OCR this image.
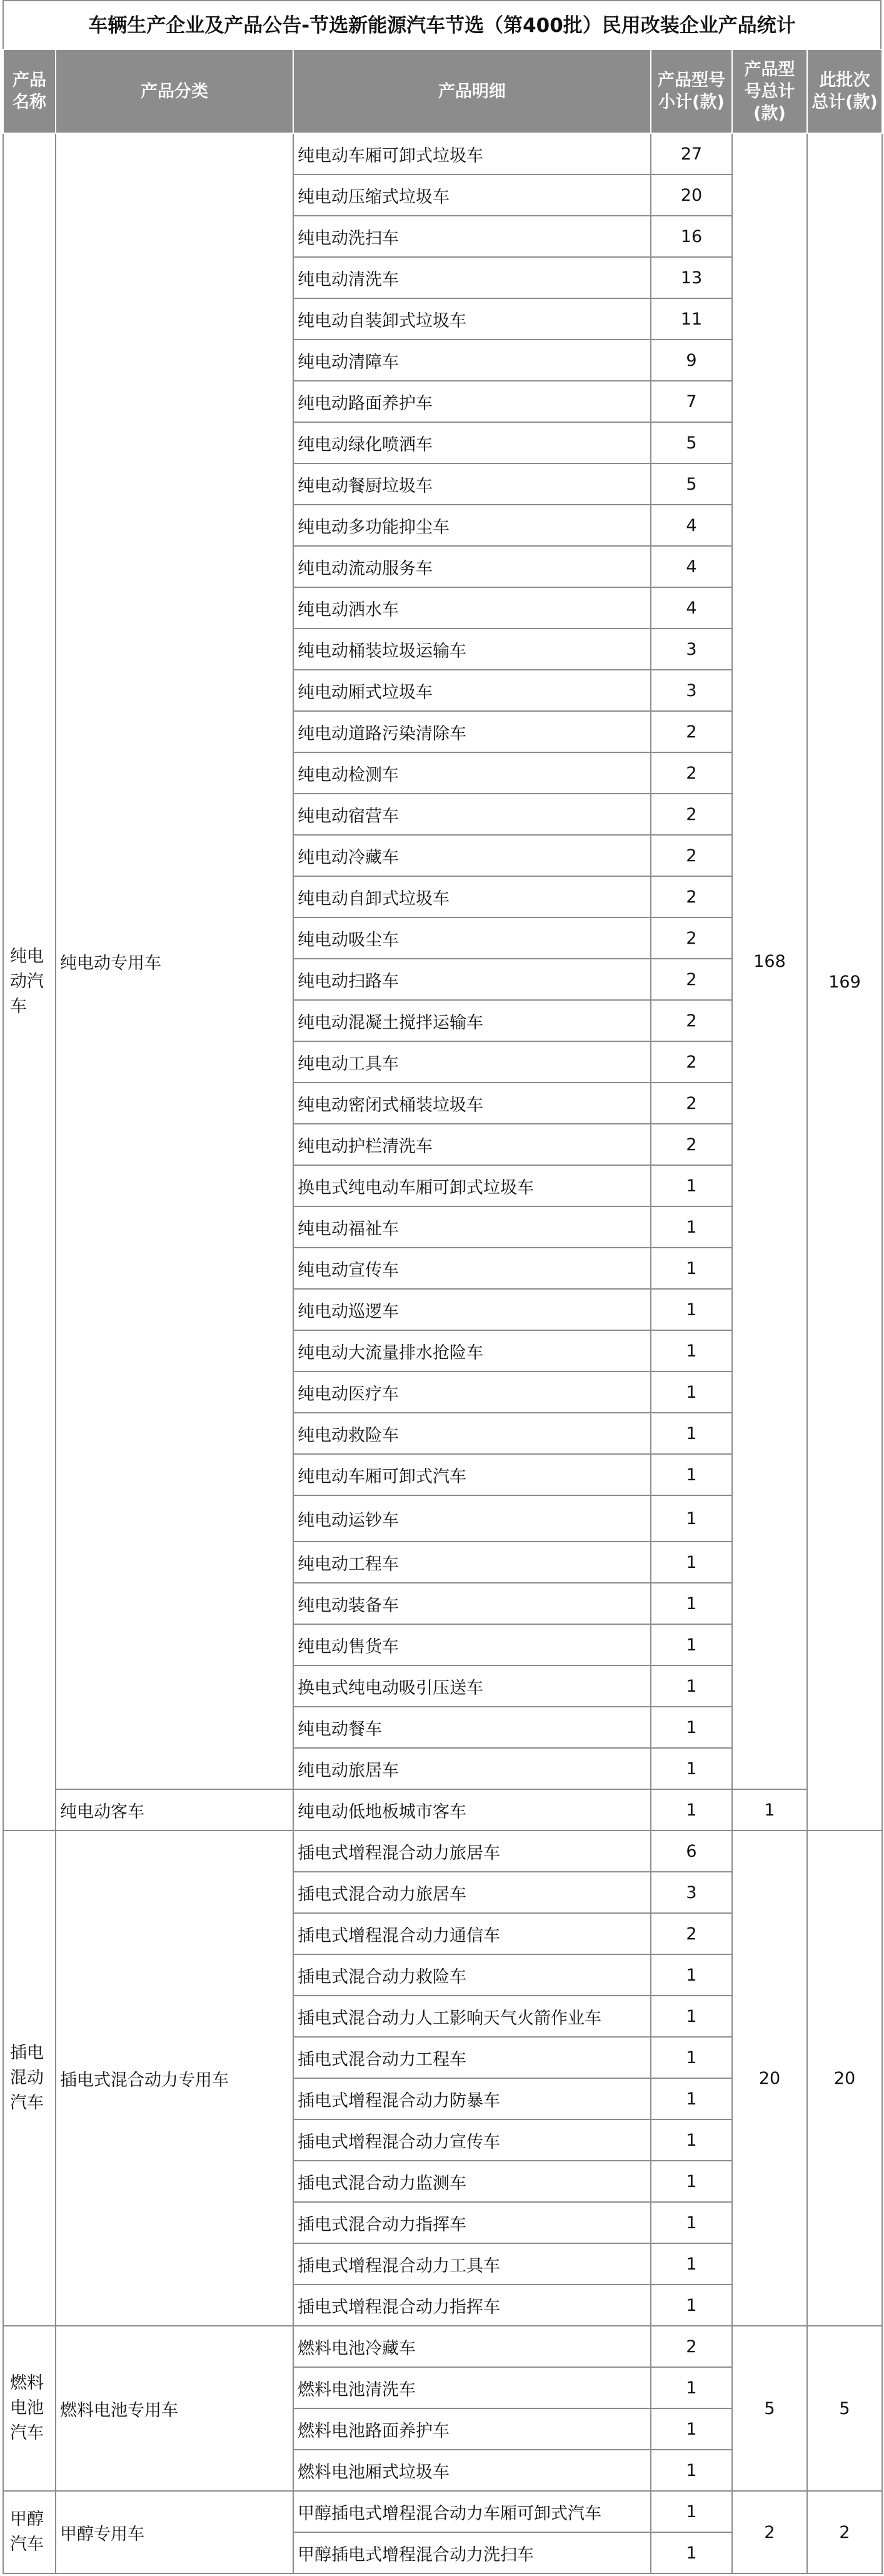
车辆生产企业及产品公告-节选新能源汽车节选（第400批）民用改装企业产品统计
产品名称	产品分类	产品明细	产品型号小计(款)	产品型号总计(款)	此批次总计(款)
纯电动汽车	纯电动专用车	纯电动车厢可卸式垃圾车	27	168	169
		纯电动压缩式垃圾车	20		
		纯电动洗扫车	16		
		纯电动清洗车	13		
		纯电动自装卸式垃圾车	11		
		纯电动清障车	9		
		纯电动路面养护车	7		
		纯电动绿化喷洒车	5		
		纯电动餐厨垃圾车	5		
		纯电动多功能抑尘车	4		
		纯电动流动服务车	4		
		纯电动洒水车	4		
		纯电动桶装垃圾运输车	3		
		纯电动厢式垃圾车	3		
		纯电动道路污染清除车	2		
		纯电动检测车	2		
		纯电动宿营车	2		
		纯电动冷藏车	2		
		纯电动自卸式垃圾车	2		
		纯电动吸尘车	2		
		纯电动扫路车	2		
		纯电动混凝土搅拌运输车	2		
		纯电动工具车	2		
		纯电动密闭式桶装垃圾车	2		
		纯电动护栏清洗车	2		
		换电式纯电动车厢可卸式垃圾车	1		
		纯电动福祉车	1		
		纯电动宣传车	1		
		纯电动巡逻车	1		
		纯电动大流量排水抢险车	1		
		纯电动医疗车	1		
		纯电动救险车	1		
		纯电动车厢可卸式汽车	1		
		纯电动运钞车	1		
		纯电动工程车	1		
		纯电动装备车	1		
		纯电动售货车	1		
		换电式纯电动吸引压送车	1		
		纯电动餐车	1		
		纯电动旅居车	1		
	纯电动客车	纯电动低地板城市客车	1	1	
插电混动汽车	插电式混合动力专用车	插电式增程混合动力旅居车	6	20	20
		插电式混合动力旅居车	3		
		插电式增程混合动力通信车	2		
		插电式混合动力救险车	1		
		插电式混合动力人工影响天气火箭作业车	1		
		插电式混合动力工程车	1		
		插电式增程混合动力防暴车	1		
		插电式增程混合动力宣传车	1		
		插电式混合动力监测车	1		
		插电式混合动力指挥车	1		
		插电式增程混合动力工具车	1		
		插电式增程混合动力指挥车	1		
燃料电池汽车	燃料电池专用车	燃料电池冷藏车	2	5	5
		燃料电池清洗车	1		
		燃料电池路面养护车	1		
		燃料电池厢式垃圾车	1		
甲醇汽车	甲醇专用车	甲醇插电式增程混合动力车厢可卸式汽车	1	2	2
		甲醇插电式增程混合动力洗扫车	1		
